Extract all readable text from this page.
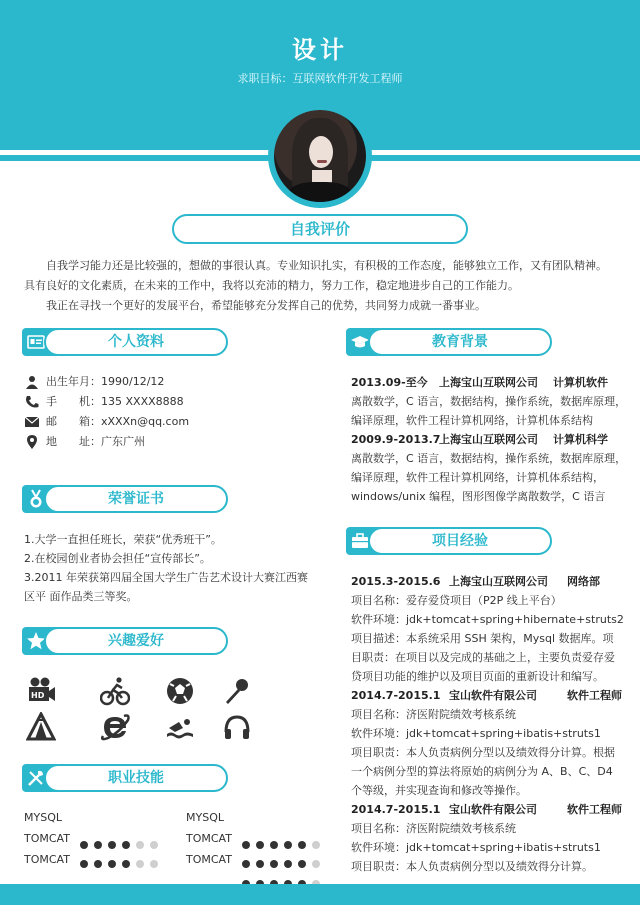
设计
求职目标：互联网软件开发工程师
自我评价

自我学习能力还是比较强的，想做的事很认真。专业知识扎实，有积极的工作态度，能够独立工作，又有团队精神。具有良好的文化素质，在未来的工作中，我将以充沛的精力，努力工作，稳定地进步自己的工作能力。

我正在寻找一个更好的发展平台，希望能够充分发挥自己的优势，共同努力成就一番事业。

个人资料
出生年月：1990/12/12
手　　机：135 XXXX8888
邮　　箱：xXXXn@qq.com
地　　址：广东广州
荣誉证书
1.大学一直担任班长，荣获“优秀班干”。
2.在校园创业者协会担任“宣传部长”。
3.2011 年荣获第四届全国大学生广告艺术设计大赛江西赛
区平 面作品类三等奖。
兴趣爱好
HD
职业技能
MYSQL
TOMCAT
TOMCAT
MYSQL
TOMCAT
TOMCAT
教育背景
2013.09-至今 上海宝山互联网公司 计算机软件
离散数学，C 语言，数据结构，操作系统，数据库原理，
编译原理，软件工程计算机网络，计算机体系结构
2009.9-2013.7上海宝山互联网公司 计算机科学
离散数学，C 语言，数据结构，操作系统，数据库原理，
编译原理，软件工程计算机网络，计算机体系结构，
windows/unix 编程，图形图像学离散数学，C 语言
项目经验
2015.3-2015.6 上海宝山互联网公司 网络部
项目名称：爱存爱贷项目（P2P 线上平台）
软件环境：jdk+tomcat+spring+hibernate+struts2
项目描述：本系统采用 SSH 架构，Mysql 数据库。项
目职责：在项目以及完成的基础之上，主要负责爱存爱
贷项目功能的维护以及项目页面的重新设计和编写。
2014.7-2015.1 宝山软件有限公司	软件工程师
项目名称：济医附院绩效考核系统
软件环境：jdk+tomcat+spring+ibatis+struts1
项目职责：本人负责病例分型以及绩效得分计算。根据
一个病例分型的算法将原始的病例分为 A、B、C、D4
个等级，并实现查询和修改等操作。
2014.7-2015.1 宝山软件有限公司	软件工程师
项目名称：济医附院绩效考核系统
软件环境：jdk+tomcat+spring+ibatis+struts1
项目职责：本人负责病例分型以及绩效得分计算。
